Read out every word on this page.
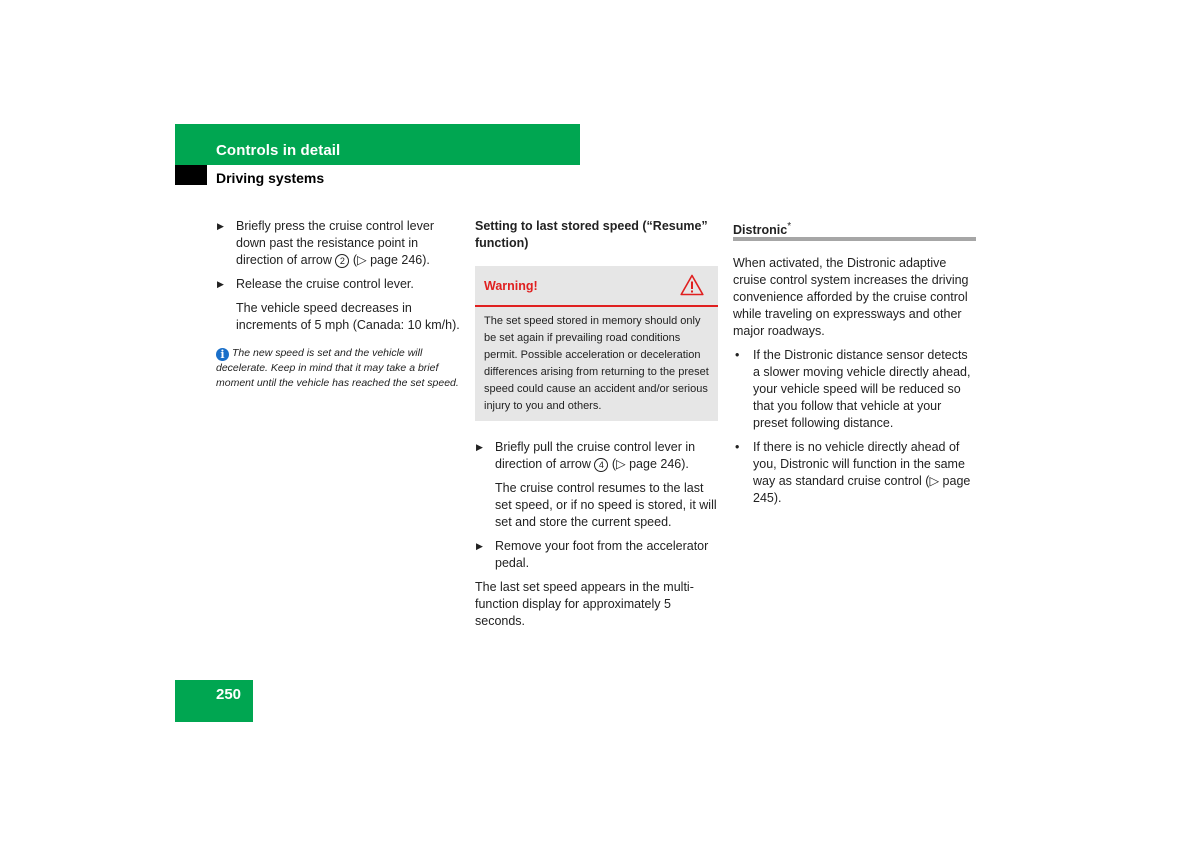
Controls in detail
Driving systems
▶ Briefly press the cruise control lever down past the resistance point in direction of arrow 2 (▷ page 246).
▶ Release the cruise control lever.

The vehicle speed decreases in increments of 5 mph (Canada: 10 km/h).

i The new speed is set and the vehicle will decelerate. Keep in mind that it may take a brief moment until the vehicle has reached the set speed.

Setting to last stored speed (“Resume” function)

Warning!

The set speed stored in memory should only be set again if prevailing road conditions permit. Possible acceleration or deceleration differences arising from returning to the preset speed could cause an accident and/or serious injury to you and others.

▶ Briefly pull the cruise control lever in direction of arrow 4 (▷ page 246).

The cruise control resumes to the last set speed, or if no speed is stored, it will set and store the current speed.

▶ Remove your foot from the accelerator pedal.

The last set speed appears in the multi-function display for approximately 5 seconds.

Distronic*

When activated, the Distronic adaptive cruise control system increases the driving convenience afforded by the cruise control while traveling on expressways and other major roadways.

• If the Distronic distance sensor detects a slower moving vehicle directly ahead, your vehicle speed will be reduced so that you follow that vehicle at your preset following distance.
• If there is no vehicle directly ahead of you, Distronic will function in the same way as standard cruise control (▷ page 245).
250
